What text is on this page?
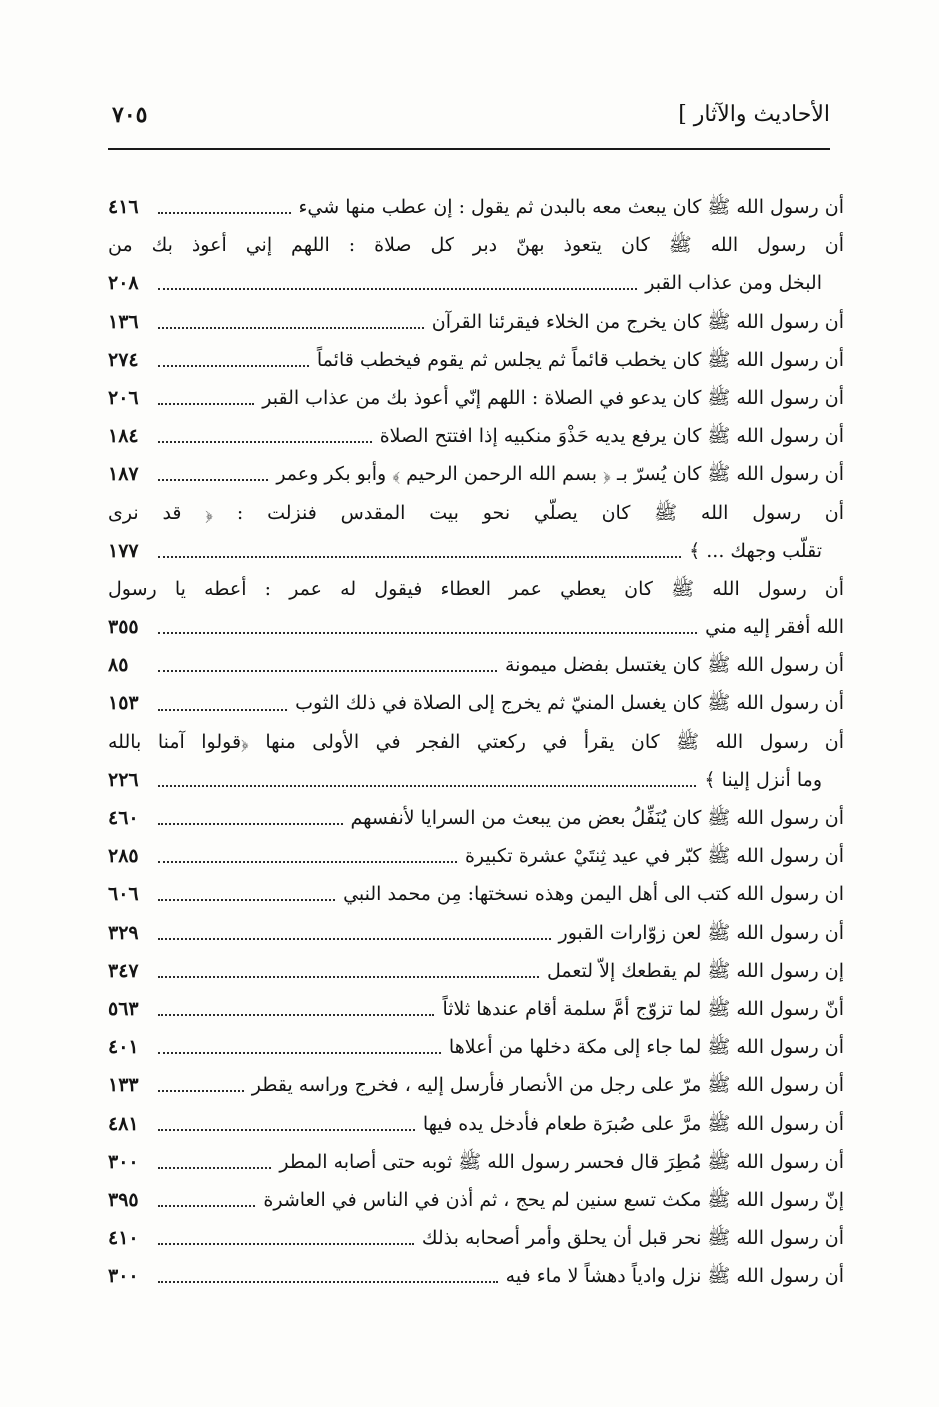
الأحاديث والآثار ]
٧٠٥
أن رسول الله ﷺ كان يبعث معه بالبدن ثم يقول : إن عطب منها شيء
٤١٦
أن رسول الله ﷺ كان يتعوذ بهنّ دبر كل صلاة : اللهم إني أعوذ بك من
البخل ومن عذاب القبر
٢٠٨
أن رسول الله ﷺ كان يخرج من الخلاء فيقرئنا القرآن
١٣٦
أن رسول الله ﷺ كان يخطب قائماً ثم يجلس ثم يقوم فيخطب قائماً
٢٧٤
أن رسول الله ﷺ كان يدعو في الصلاة : اللهم إنّي أعوذ بك من عذاب القبر
٢٠٦
أن رسول الله ﷺ كان يرفع يديه حَذْوَ منكبيه إذا افتتح الصلاة
١٨٤
أن رسول الله ﷺ كان يُسرّ بـ ﴿ بسم الله الرحمن الرحيم ﴾ وأبو بكر وعمر
١٨٧
أن رسول الله ﷺ كان يصلّي نحو بيت المقدس فنزلت : ﴿ قد نرى
تقلّب وجهك ... ﴾
١٧٧
أن رسول الله ﷺ كان يعطي عمر العطاء فيقول له عمر : أعطه يا رسول
الله أفقر إليه مني
٣٥٥
أن رسول الله ﷺ كان يغتسل بفضل ميمونة
٨٥
أن رسول الله ﷺ كان يغسل المنيّ ثم يخرج إلى الصلاة في ذلك الثوب
١٥٣
أن رسول الله ﷺ كان يقرأ في ركعتي الفجر في الأولى منها ﴿قولوا آمنا بالله
وما أنزل إلينا ﴾
٢٢٦
أن رسول الله ﷺ كان يُنَفِّلُ بعض من يبعث من السرايا لأنفسهم
٤٦٠
أن رسول الله ﷺ كبّر في عيد ثِنتَيْ عشرة تكبيرة
٢٨٥
ان رسول الله كتب الى أهل اليمن وهذه نسختها: مِن محمد النبي
٦٠٦
أن رسول الله ﷺ لعن زوّارات القبور
٣٢٩
إن رسول الله ﷺ لم يقطعك إلاّ لتعمل
٣٤٧
أنّ رسول الله ﷺ لما تزوّج أمَّ سلمة أقام عندها ثلاثاً
٥٦٣
أن رسول الله ﷺ لما جاء إلى مكة دخلها من أعلاها
٤٠١
أن رسول الله ﷺ مرّ على رجل من الأنصار فأرسل إليه ، فخرج وراسه يقطر
١٣٣
أن رسول الله ﷺ مرَّ على صُبرَة طعام فأدخل يده فيها
٤٨١
أن رسول الله ﷺ مُطِرَ قال فحسر رسول الله ﷺ ثوبه حتى أصابه المطر
٣٠٠
إنّ رسول الله ﷺ مكث تسع سنين لم يحج ، ثم أذن في الناس في العاشرة
٣٩٥
أن رسول الله ﷺ نحر قبل أن يحلق وأمر أصحابه بذلك
٤١٠
أن رسول الله ﷺ نزل وادياً دهشاً لا ماء فيه
٣٠٠
